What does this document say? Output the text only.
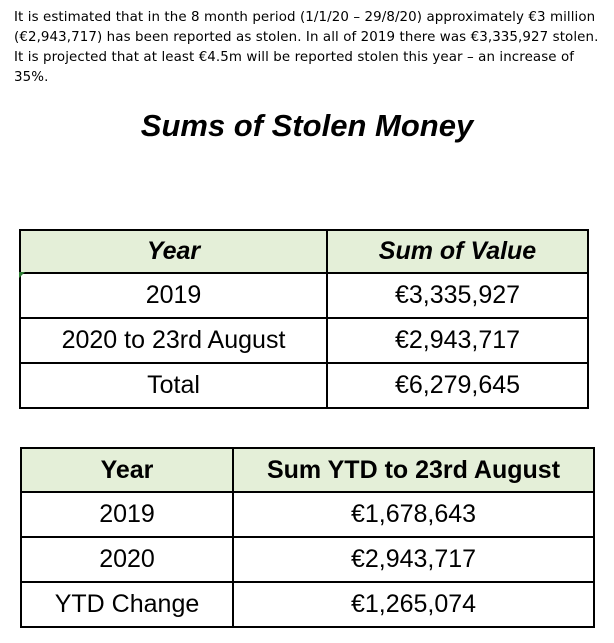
It is estimated that in the 8 month period (1/1/20 – 29/8/20) approximately €3 million (€2,943,717) has been reported as stolen. In all of 2019 there was €3,335,927 stolen. It is projected that at least €4.5m will be reported stolen this year – an increase of 35%.

Sums of Stolen Money
Year	Sum of Value
2019	€3,335,927
2020 to 23rd August	€2,943,717
Total	€6,279,645
Year	Sum YTD to 23rd August
2019	€1,678,643
2020	€2,943,717
YTD Change	€1,265,074
